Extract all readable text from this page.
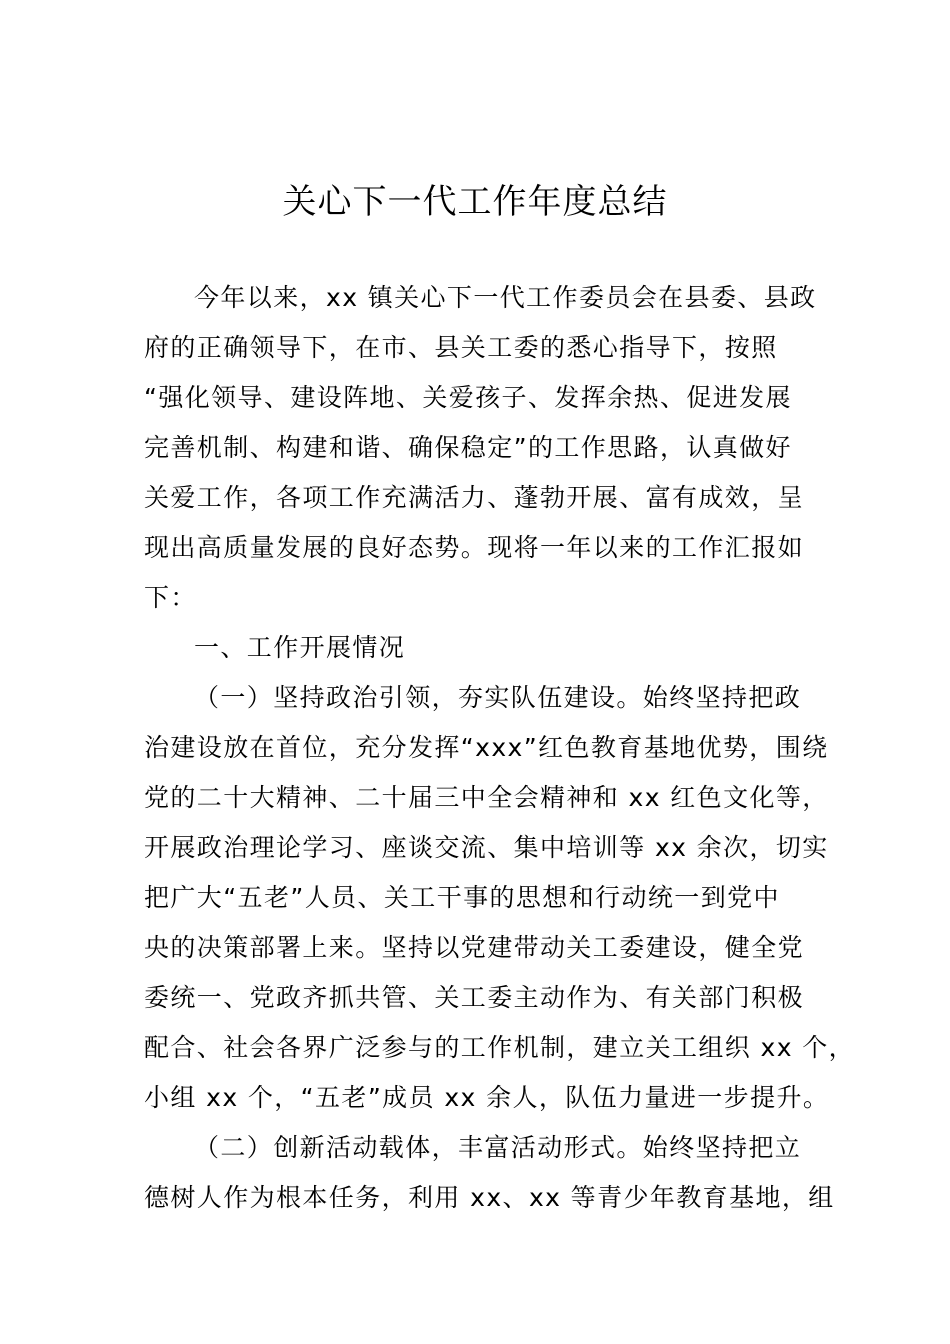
关心下一代工作年度总结

今年以来，xx 镇关心下一代工作委员会在县委、县政

府的正确领导下，在市、县关工委的悉心指导下，按照

“强化领导、建设阵地、关爱孩子、发挥余热、促进发展

完善机制、构建和谐、确保稳定”的工作思路，认真做好

关爱工作，各项工作充满活力、蓬勃开展、富有成效，呈

现出高质量发展的良好态势。现将一年以来的工作汇报如

下：

一、工作开展情况

（一）坚持政治引领，夯实队伍建设。始终坚持把政

治建设放在首位，充分发挥“xxx”红色教育基地优势，围绕

党的二十大精神、二十届三中全会精神和 xx 红色文化等，

开展政治理论学习、座谈交流、集中培训等 xx 余次，切实

把广大“五老”人员、关工干事的思想和行动统一到党中

央的决策部署上来。坚持以党建带动关工委建设，健全党

委统一、党政齐抓共管、关工委主动作为、有关部门积极

配合、社会各界广泛参与的工作机制，建立关工组织 xx 个，

小组 xx 个，“五老”成员 xx 余人，队伍力量进一步提升。

（二）创新活动载体，丰富活动形式。始终坚持把立

德树人作为根本任务，利用 xx、xx 等青少年教育基地，组
